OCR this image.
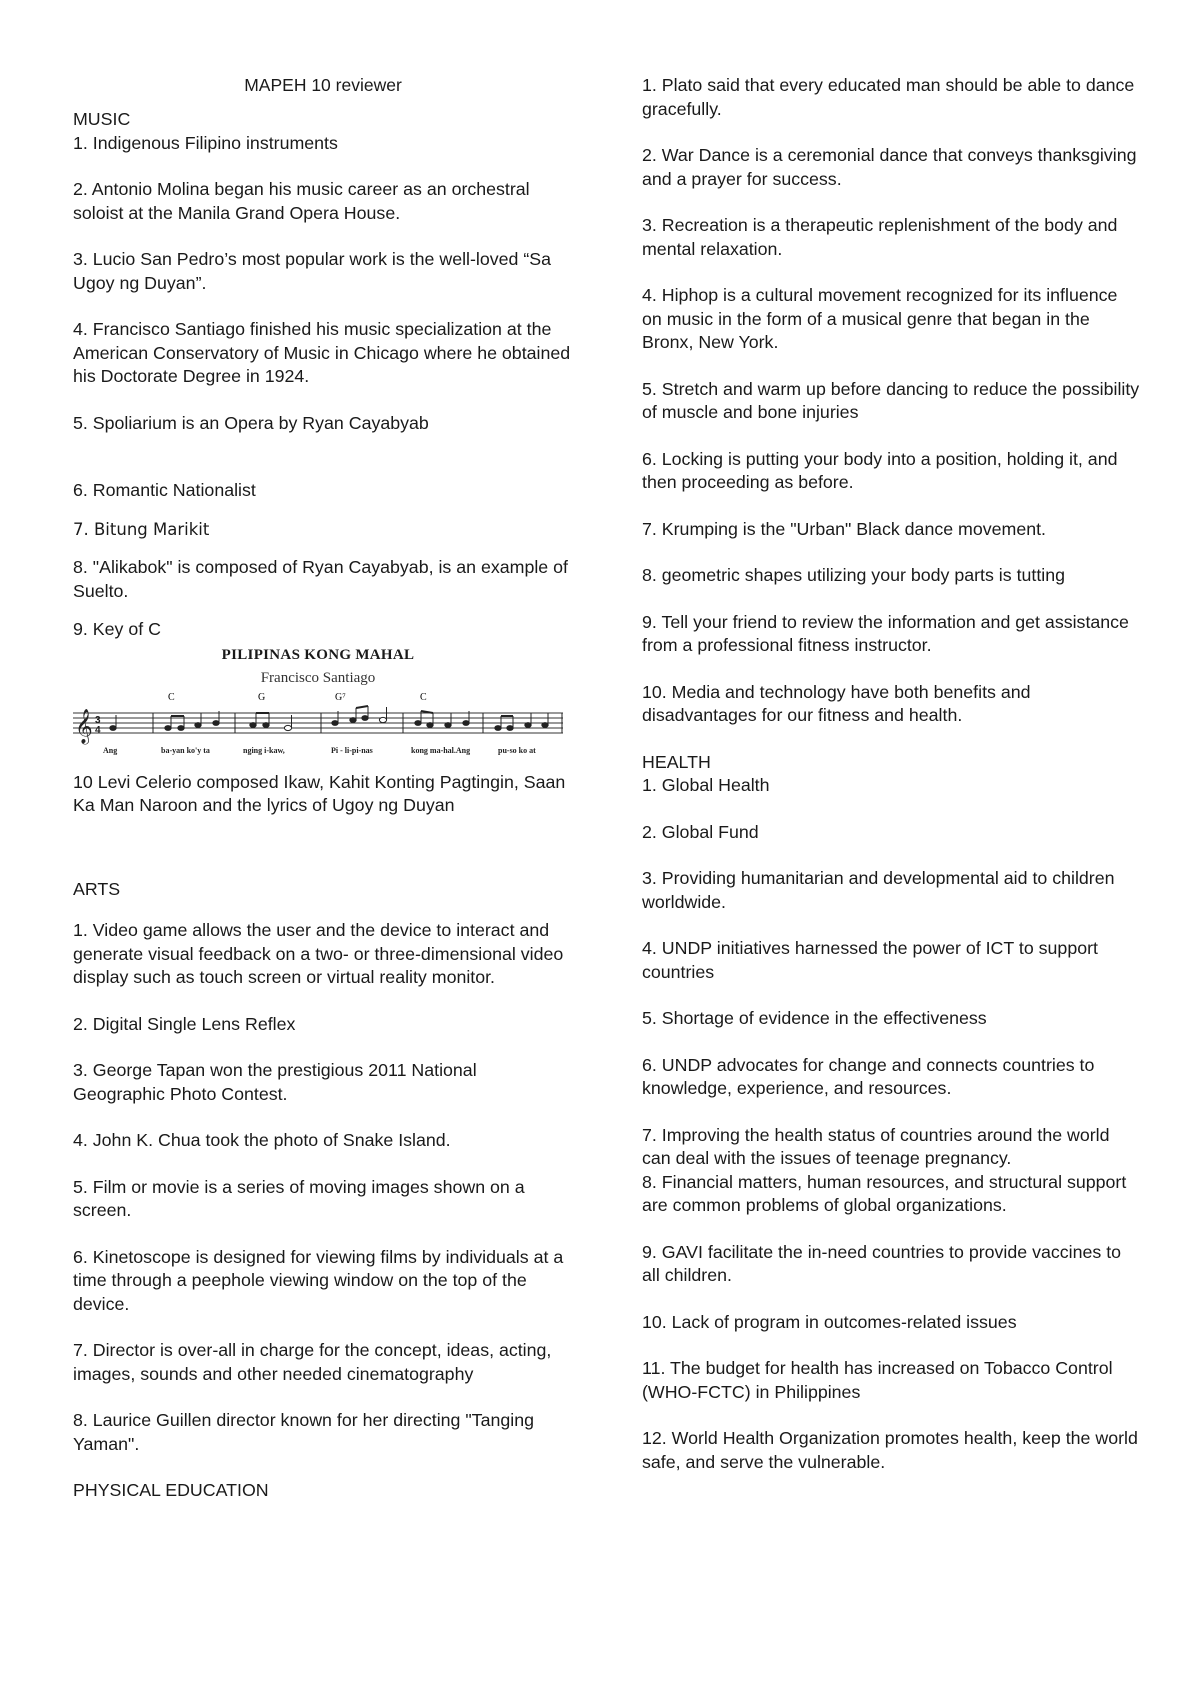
MAPEH 10 reviewer

MUSIC

1. Indigenous Filipino instruments

2. Antonio Molina began his music career as an orchestral soloist at the Manila Grand Opera House.

3. Lucio San Pedro’s most popular work is the well-loved “Sa Ugoy ng Duyan”.

4. Francisco Santiago finished his music specialization at the American Conservatory of Music in Chicago where he obtained his Doctorate Degree in 1924.

5. Spoliarium is an Opera by Ryan Cayabyab

6. Romantic Nationalist

7. Bitung Marikit

8. "Alikabok" is composed of Ryan Cayabyab, is an example of Suelto.

9. Key of C

PILIPINAS KONG MAHAL

Francisco Santiago

C	G	G⁷	C
𝄞 3
4
Ang	ba-yan ko'y ta	nging i-kaw,	Pi - li-pi-nas	kong ma-hal.Ang	pu-so ko at

10 Levi Celerio composed Ikaw, Kahit Konting Pagtingin, Saan Ka Man Naroon and the lyrics of Ugoy ng Duyan

ARTS

1. Video game allows the user and the device to interact and generate visual feedback on a two- or three-dimensional video display such as touch screen or virtual reality monitor.

2. Digital Single Lens Reflex

3. George Tapan won the prestigious 2011 National Geographic Photo Contest.

4. John K. Chua took the photo of Snake Island.

5. Film or movie is a series of moving images shown on a screen.

6. Kinetoscope is designed for viewing films by individuals at a time through a peephole viewing window on the top of the device.

7. Director is over-all in charge for the concept, ideas, acting, images, sounds and other needed cinematography

8. Laurice Guillen director known for her directing "Tanging Yaman".

PHYSICAL EDUCATION

1. Plato said that every educated man should be able to dance gracefully.

2. War Dance is a ceremonial dance that conveys thanksgiving and a prayer for success.

3. Recreation is a therapeutic replenishment of the body and mental relaxation.

4. Hiphop is a cultural movement recognized for its influence on music in the form of a musical genre that began in the Bronx, New York.

5. Stretch and warm up before dancing to reduce the possibility of muscle and bone injuries

6. Locking is putting your body into a position, holding it, and then proceeding as before.

7. Krumping is the "Urban" Black dance movement.

8. geometric shapes utilizing your body parts is tutting

9. Tell your friend to review the information and get assistance from a professional fitness instructor.

10. Media and technology have both benefits and disadvantages for our fitness and health.

HEALTH

1. Global Health

2. Global Fund

3. Providing humanitarian and developmental aid to children worldwide.

4. UNDP initiatives harnessed the power of ICT to support countries

5. Shortage of evidence in the effectiveness

6. UNDP advocates for change and connects countries to knowledge, experience, and resources.

7. Improving the health status of countries around the world can deal with the issues of teenage pregnancy.

8. Financial matters, human resources, and structural support are common problems of global organizations.

9. GAVI facilitate the in-need countries to provide vaccines to all children.

10. Lack of program in outcomes-related issues

11. The budget for health has increased on Tobacco Control (WHO-FCTC) in Philippines

12. World Health Organization promotes health, keep the world safe, and serve the vulnerable.
